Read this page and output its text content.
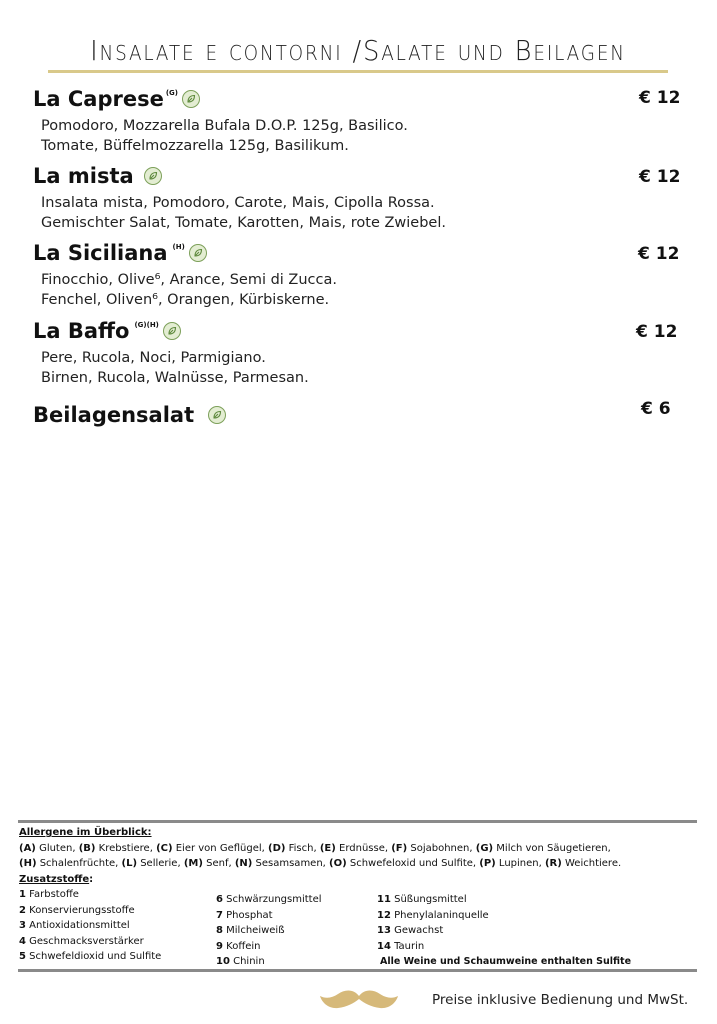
Insalate e contorni /Salate und Beilagen
La Caprese (G)
Pomodoro, Mozzarella Bufala D.O.P. 125g, Basilico.
Tomate, Büffelmozzarella 125g, Basilikum.
€ 12
La mista
Insalata mista, Pomodoro, Carote, Mais, Cipolla Rossa.
Gemischter Salat, Tomate, Karotten, Mais, rote Zwiebel.
€ 12
La Siciliana (H)
Finocchio, Olive⁶, Arance, Semi di Zucca.
Fenchel, Oliven⁶, Orangen, Kürbiskerne.
€ 12
La Baffo (G)(H)
Pere, Rucola, Noci, Parmigiano.
Birnen, Rucola, Walnüsse, Parmesan.
€ 12
Beilagensalat	€ 6
Allergene im Überblick:
(A) Gluten, (B) Krebstiere, (C) Eier von Geflügel, (D) Fisch, (E) Erdnüsse, (F) Sojabohnen, (G) Milch von Säugetieren,
(H) Schalenfrüchte, (L) Sellerie, (M) Senf, (N) Sesamsamen, (O) Schwefeloxid und Sulfite, (P) Lupinen, (R) Weichtiere.
Zusatzstoffe:
1 Farbstoffe
2 Konservierungsstoffe
3 Antioxidationsmittel
4 Geschmacksverstärker
5 Schwefeldioxid und Sulfite
6 Schwärzungsmittel
7 Phosphat
8 Milcheiweiß
9 Koffein
10 Chinin
11 Süßungsmittel
12 Phenylalaninquelle
13 Gewachst
14 Taurin
Alle Weine und Schaumweine enthalten Sulfite
Preise inklusive Bedienung und MwSt.
